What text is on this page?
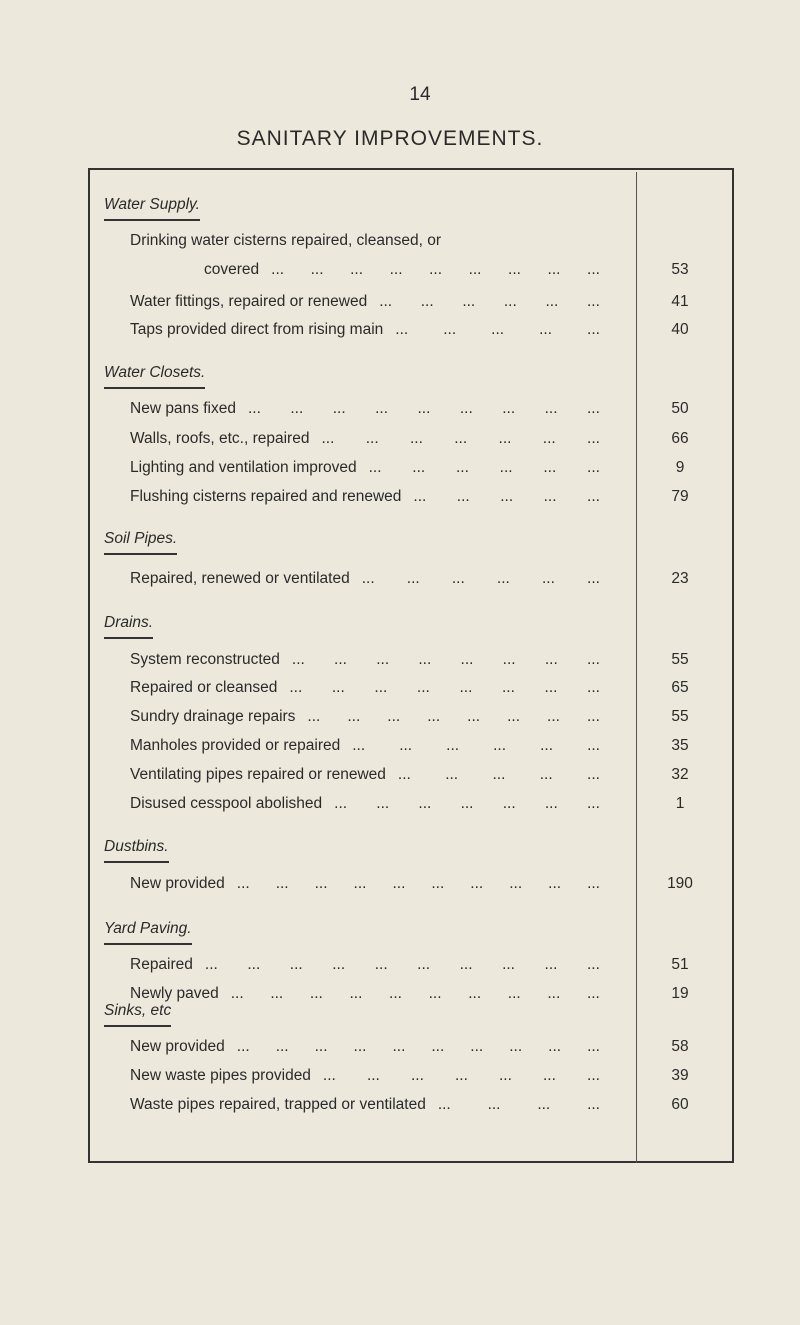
14
SANITARY IMPROVEMENTS.
Water Supply.
Drinking water cisterns repaired, cleansed, or
covered ... ... ... ... ... ... ... ... ...	53
Water fittings, repaired or renewed ... ... ... ... ... ...	41
Taps provided direct from rising main ... ... ... ... ...	40
Water Closets.
New pans fixed ... ... ... ... ... ... ... ... ...	50
Walls, roofs, etc., repaired ... ... ... ... ... ... ...	66
Lighting and ventilation improved ... ... ... ... ... ...	9
Flushing cisterns repaired and renewed ... ... ... ... ...	79
Soil Pipes.
Repaired, renewed or ventilated ... ... ... ... ... ...	23
Drains.
System reconstructed ... ... ... ... ... ... ... ...	55
Repaired or cleansed ... ... ... ... ... ... ... ...	65
Sundry drainage repairs ... ... ... ... ... ... ... ...	55
Manholes provided or repaired ... ... ... ... ... ...	35
Ventilating pipes repaired or renewed ... ... ... ... ...	32
Disused cesspool abolished ... ... ... ... ... ... ...	1
Dustbins.
New provided ... ... ... ... ... ... ... ... ... ...	190
Yard Paving.
Repaired ... ... ... ... ... ... ... ... ... ...	51
Newly paved ... ... ... ... ... ... ... ... ... ...	19
Sinks, etc
New provided ... ... ... ... ... ... ... ... ... ...	58
New waste pipes provided ... ... ... ... ... ... ...	39
Waste pipes repaired, trapped or ventilated ... ... ... ...	60
